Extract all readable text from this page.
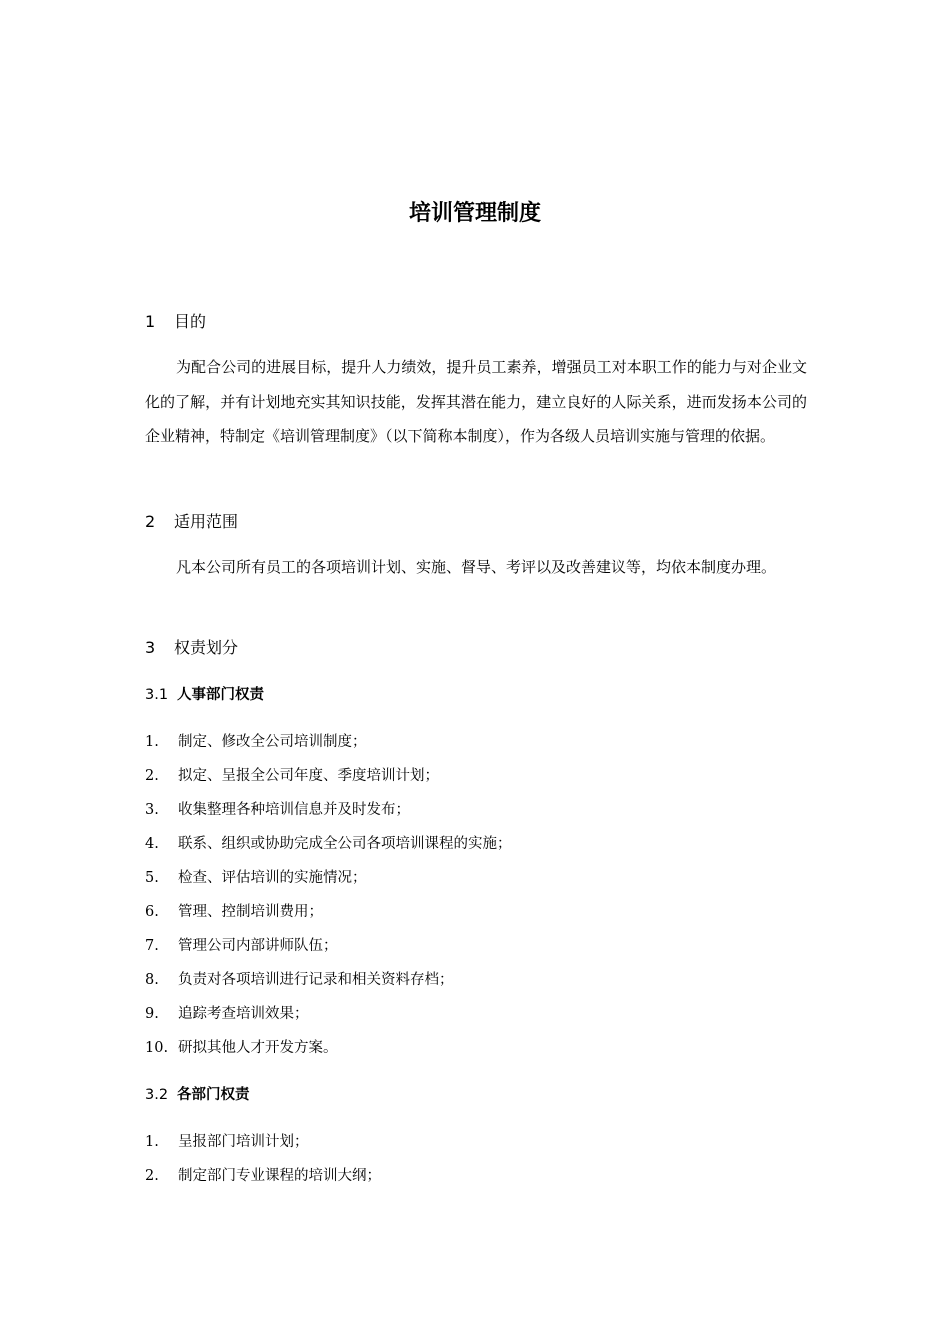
培训管理制度
1 目的
为配合公司的进展目标，提升人力绩效，提升员工素养，增强员工对本职工作的能力与对企业文化的了解，并有计划地充实其知识技能，发挥其潜在能力，建立良好的人际关系，进而发扬本公司的企业精神，特制定《培训管理制度》（以下简称本制度），作为各级人员培训实施与管理的依据。
2 适用范围
凡本公司所有员工的各项培训计划、实施、督导、考评以及改善建议等，均依本制度办理。
3 权责划分
3.1 人事部门权责
1. 制定、修改全公司培训制度；
2. 拟定、呈报全公司年度、季度培训计划；
3. 收集整理各种培训信息并及时发布；
4. 联系、组织或协助完成全公司各项培训课程的实施；
5. 检查、评估培训的实施情况；
6. 管理、控制培训费用；
7. 管理公司内部讲师队伍；
8. 负责对各项培训进行记录和相关资料存档；
9. 追踪考查培训效果；
10. 研拟其他人才开发方案。
3.2 各部门权责
1. 呈报部门培训计划；
2. 制定部门专业课程的培训大纲；
